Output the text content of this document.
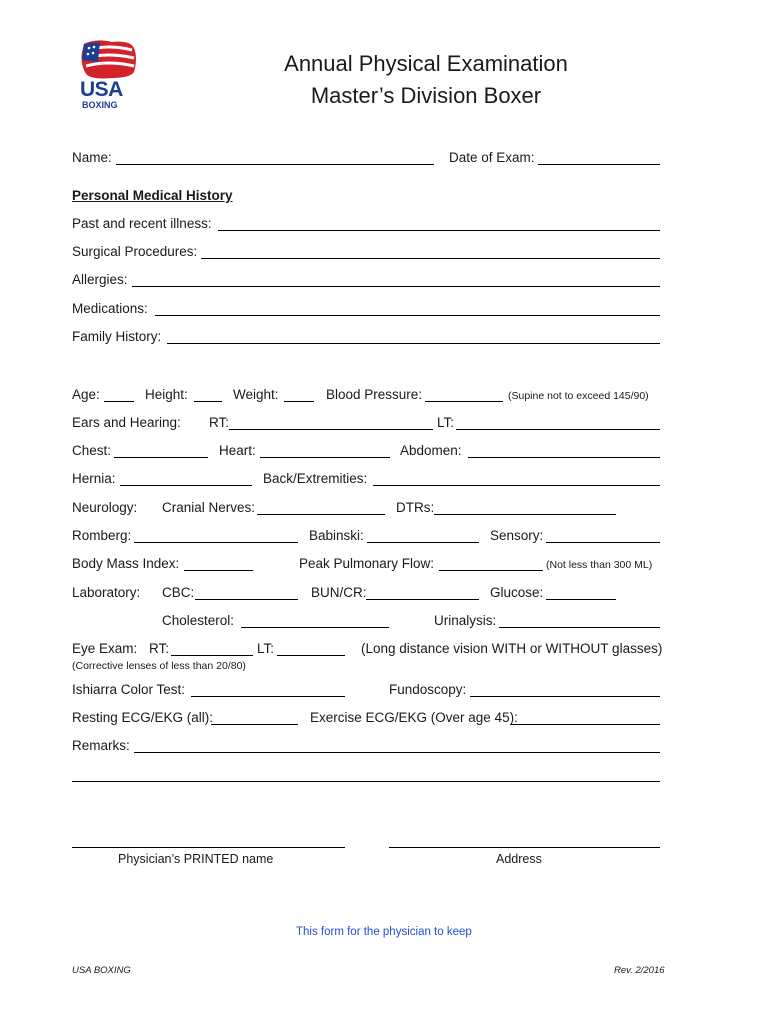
USA
BOXING
Annual Physical Examination
Master’s Division Boxer
Name:	Date of Exam:
Personal Medical History
Past and recent illness:
Surgical Procedures:
Allergies:
Medications:
Family History:
Age:	Height:	Weight:	Blood Pressure:	(Supine not to exceed 145/90)
Ears and Hearing: RT:	LT:
Chest:	Heart:	Abdomen:
Hernia:	Back/Extremities:
Neurology: Cranial Nerves:	DTRs:
Romberg:	Babinski:	Sensory:
Body Mass Index:	Peak Pulmonary Flow:	(Not less than 300 ML)
Laboratory: CBC:	BUN/CR:	Glucose:
Cholesterol:	Urinalysis:
Eye Exam: RT:	LT:	(Long distance vision WITH or WITHOUT glasses)
(Corrective lenses of less than 20/80)
Ishiarra Color Test:	Fundoscopy:
Resting ECG/EKG (all):	Exercise ECG/EKG (Over age 45):
Remarks:
Physician’s PRINTED name	Address
This form for the physician to keep
USA BOXING	Rev. 2/2016
